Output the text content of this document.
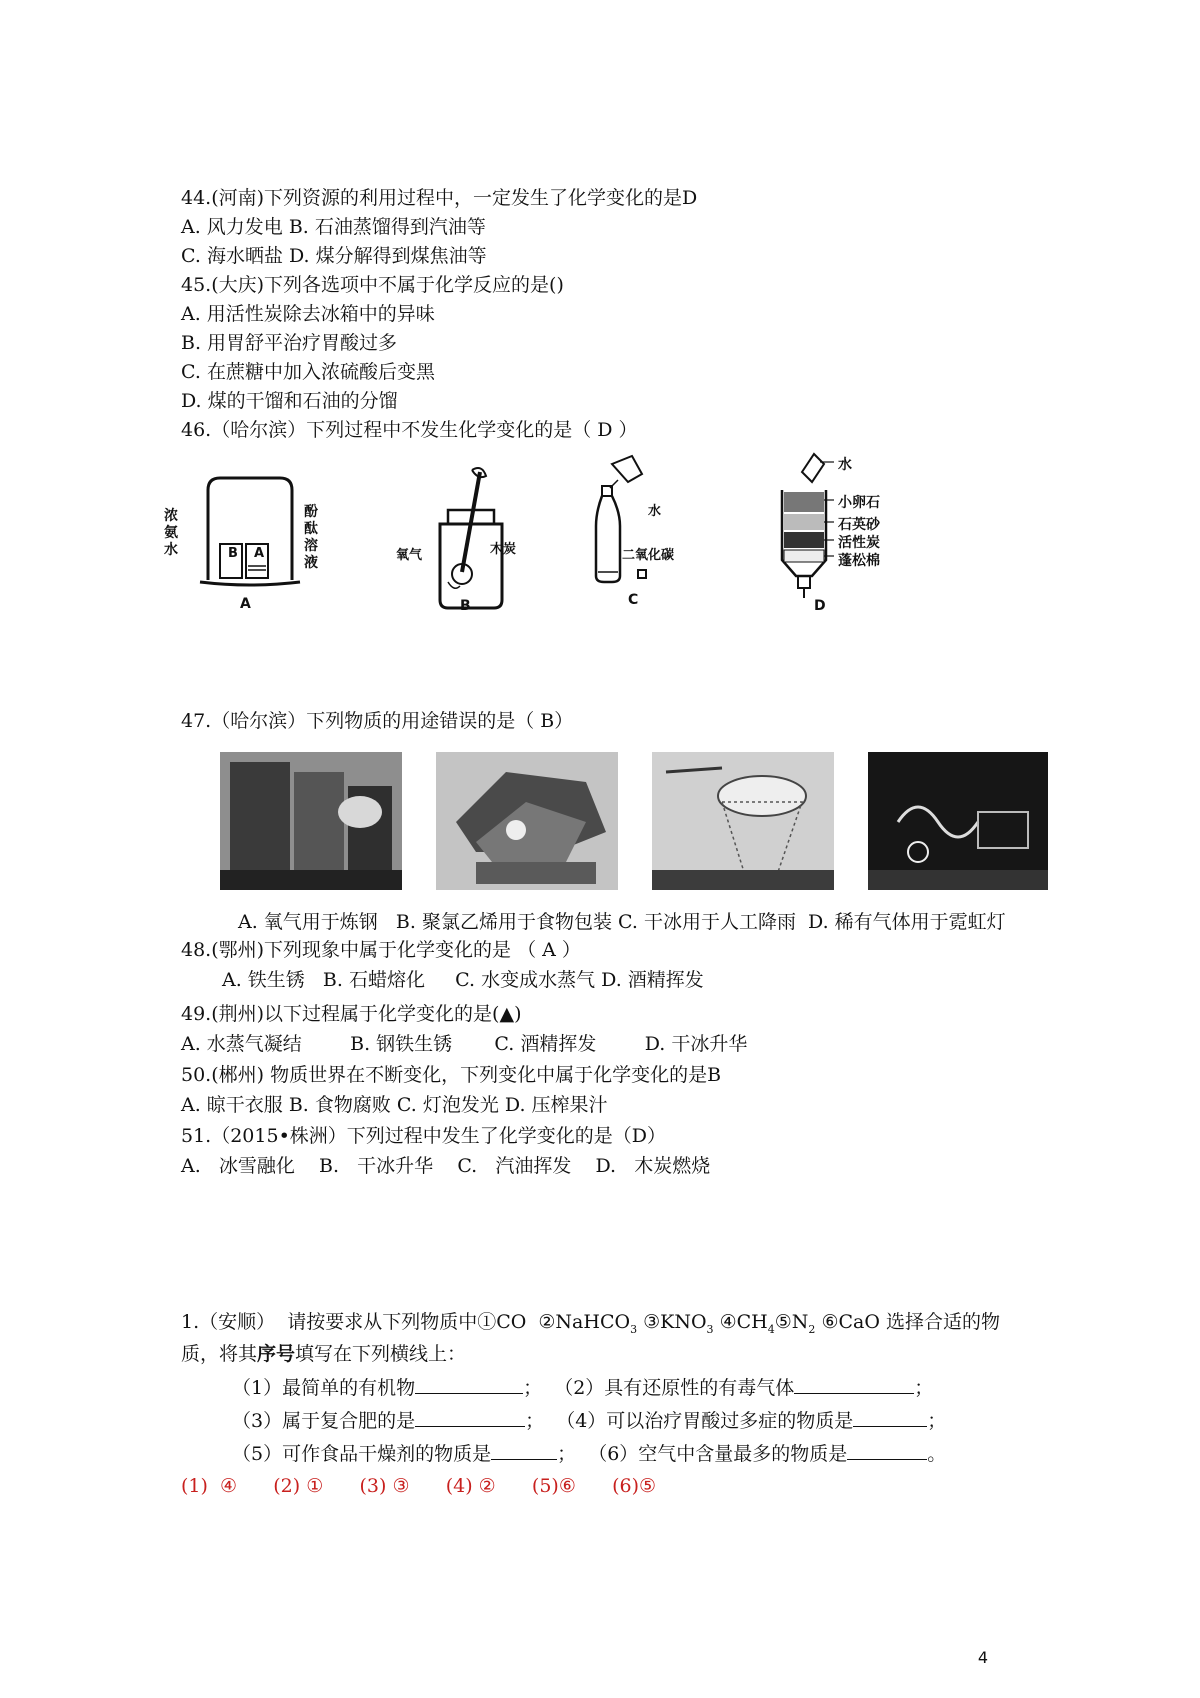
44.(河南)下列资源的利用过程中，一定发生了化学变化的是D
A. 风力发电 B. 石油蒸馏得到汽油等
C. 海水晒盐 D. 煤分解得到煤焦油等
45.(大庆)下列各选项中不属于化学反应的是()
A. 用活性炭除去冰箱中的异味
B. 用胃舒平治疗胃酸过多
C. 在蔗糖中加入浓硫酸后变黑
D. 煤的干馏和石油的分馏
46.（哈尔滨）下列过程中不发生化学变化的是（ D ）
B A
A
浓
氨
水
酚
酞
溶
液	氧气	木炭
B
水
二氧化碳
C
水
小卵石
石英砂
活性炭
蓬松棉
D
47.（哈尔滨）下列物质的用途错误的是（ B）
A. 氧气用于炼钢   B. 聚氯乙烯用于食物包装 C. 干冰用于人工降雨  D. 稀有气体用于霓虹灯
48.(鄂州)下列现象中属于化学变化的是 （ A ）
A. 铁生锈   B. 石蜡熔化     C. 水变成水蒸气 D. 酒精挥发
49.(荆州)以下过程属于化学变化的是(▲)
A. 水蒸气凝结        B. 钢铁生锈       C. 酒精挥发        D. 干冰升华
50.(郴州) 物质世界在不断变化，下列变化中属于化学变化的是B
A. 晾干衣服 B. 食物腐败 C. 灯泡发光 D. 压榨果汁
51.（2015•株洲）下列过程中发生了化学变化的是（D）
A.   冰雪融化    B.   干冰升华    C.   汽油挥发    D.   木炭燃烧
1.（安顺）  请按要求从下列物质中①CO  ②NaHCO$_3$ $③KNO_3$ $④CH_4⑤N_2$ ⑥CaO 选择合适的物
质，将其序号填写在下列横线上：
（1）最简单的有机物	； （2）具有还原性的有毒气体	；
（3）属于复合肥的是	； （4）可以治疗胃酸过多症的物质是	；
（5）可作食品干燥剂的物质是	； （6）空气中含量最多的物质是	。
(1)  ④      (2) ①      (3) ③      (4) ②      (5)⑥      (6)⑤
4
